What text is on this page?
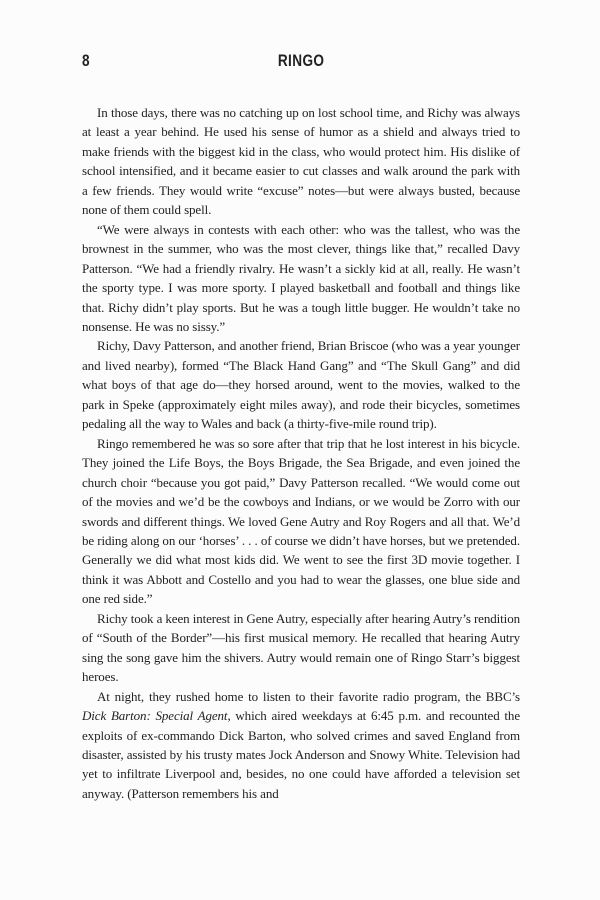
8	RINGO

In those days, there was no catching up on lost school time, and Richy was always at least a year behind. He used his sense of humor as a shield and always tried to make friends with the biggest kid in the class, who would protect him. His dislike of school intensified, and it became easier to cut classes and walk around the park with a few friends. They would write “excuse” notes—but were always busted, because none of them could spell.

“We were always in contests with each other: who was the tallest, who was the brownest in the summer, who was the most clever, things like that,” recalled Davy Patterson. “We had a friendly rivalry. He wasn’t a sickly kid at all, really. He wasn’t the sporty type. I was more sporty. I played basketball and football and things like that. Richy didn’t play sports. But he was a tough little bugger. He wouldn’t take no nonsense. He was no sissy.”

Richy, Davy Patterson, and another friend, Brian Briscoe (who was a year younger and lived nearby), formed “The Black Hand Gang” and “The Skull Gang” and did what boys of that age do—they horsed around, went to the movies, walked to the park in Speke (approximately eight miles away), and rode their bicycles, sometimes pedaling all the way to Wales and back (a thirty-five-mile round trip).

Ringo remembered he was so sore after that trip that he lost interest in his bicycle. They joined the Life Boys, the Boys Brigade, the Sea Brigade, and even joined the church choir “because you got paid,” Davy Patterson recalled. “We would come out of the movies and we’d be the cowboys and Indians, or we would be Zorro with our swords and different things. We loved Gene Autry and Roy Rogers and all that. We’d be riding along on our ‘horses’ . . . of course we didn’t have horses, but we pretended. Generally we did what most kids did. We went to see the first 3D movie together. I think it was Abbott and Costello and you had to wear the glasses, one blue side and one red side.”

Richy took a keen interest in Gene Autry, especially after hearing Autry’s rendition of “South of the Border”—his first musical memory. He recalled that hearing Autry sing the song gave him the shivers. Autry would remain one of Ringo Starr’s biggest heroes.

At night, they rushed home to listen to their favorite radio program, the BBC’s Dick Barton: Special Agent, which aired weekdays at 6:45 p.m. and recounted the exploits of ex-commando Dick Barton, who solved crimes and saved England from disaster, assisted by his trusty mates Jock Anderson and Snowy White. Television had yet to infiltrate Liverpool and, besides, no one could have afforded a television set anyway. (Patterson remembers his and
